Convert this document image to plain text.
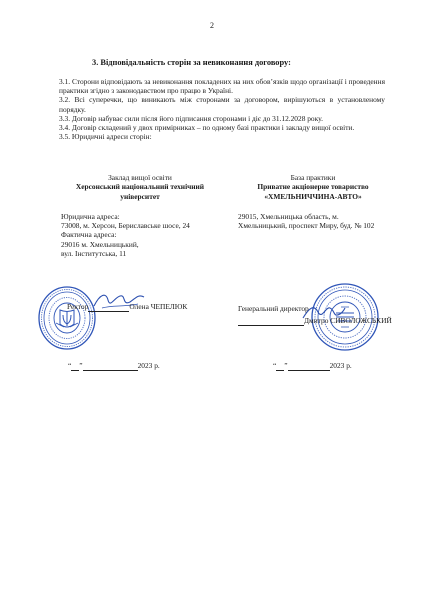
2
3. Відповідальність сторін за невиконання договору:

3.1. Сторони відповідають за невиконання покладених на них обов’язків щодо організації і проведення практики згідно з законодавством про працю в Україні.

3.2. Всі суперечки, що виникають між сторонами за договором, вирішуються в установленому порядку.

3.3. Договір набуває сили після його підписання сторонами і діє до 31.12.2028 року.

3.4. Договір складений у двох примірниках – по одному базі практики і закладу вищої освіти.

3.5. Юридичні адреси сторін:

Заклад вищої освіти
Херсонський національний технічний
університет

Юридична адреса:

73008, м. Херсон, Бериславське шосе, 24

Фактична адреса:

29016 м. Хмельницький,

вул. Інститутська, 11

База практики
Приватне акціонерне товариство
«ХМЕЛЬНИЧЧИНА-АВТО»

29015, Хмельницька область, м.

Хмельницький, проспект Миру, буд. № 102

Ректор	Олена ЧЕПЕЛЮК	Генеральний директор
Дмитро СИВОЛОЖСЬКИЙ
“ ”	2023 р.	“ ”	2023 р.
